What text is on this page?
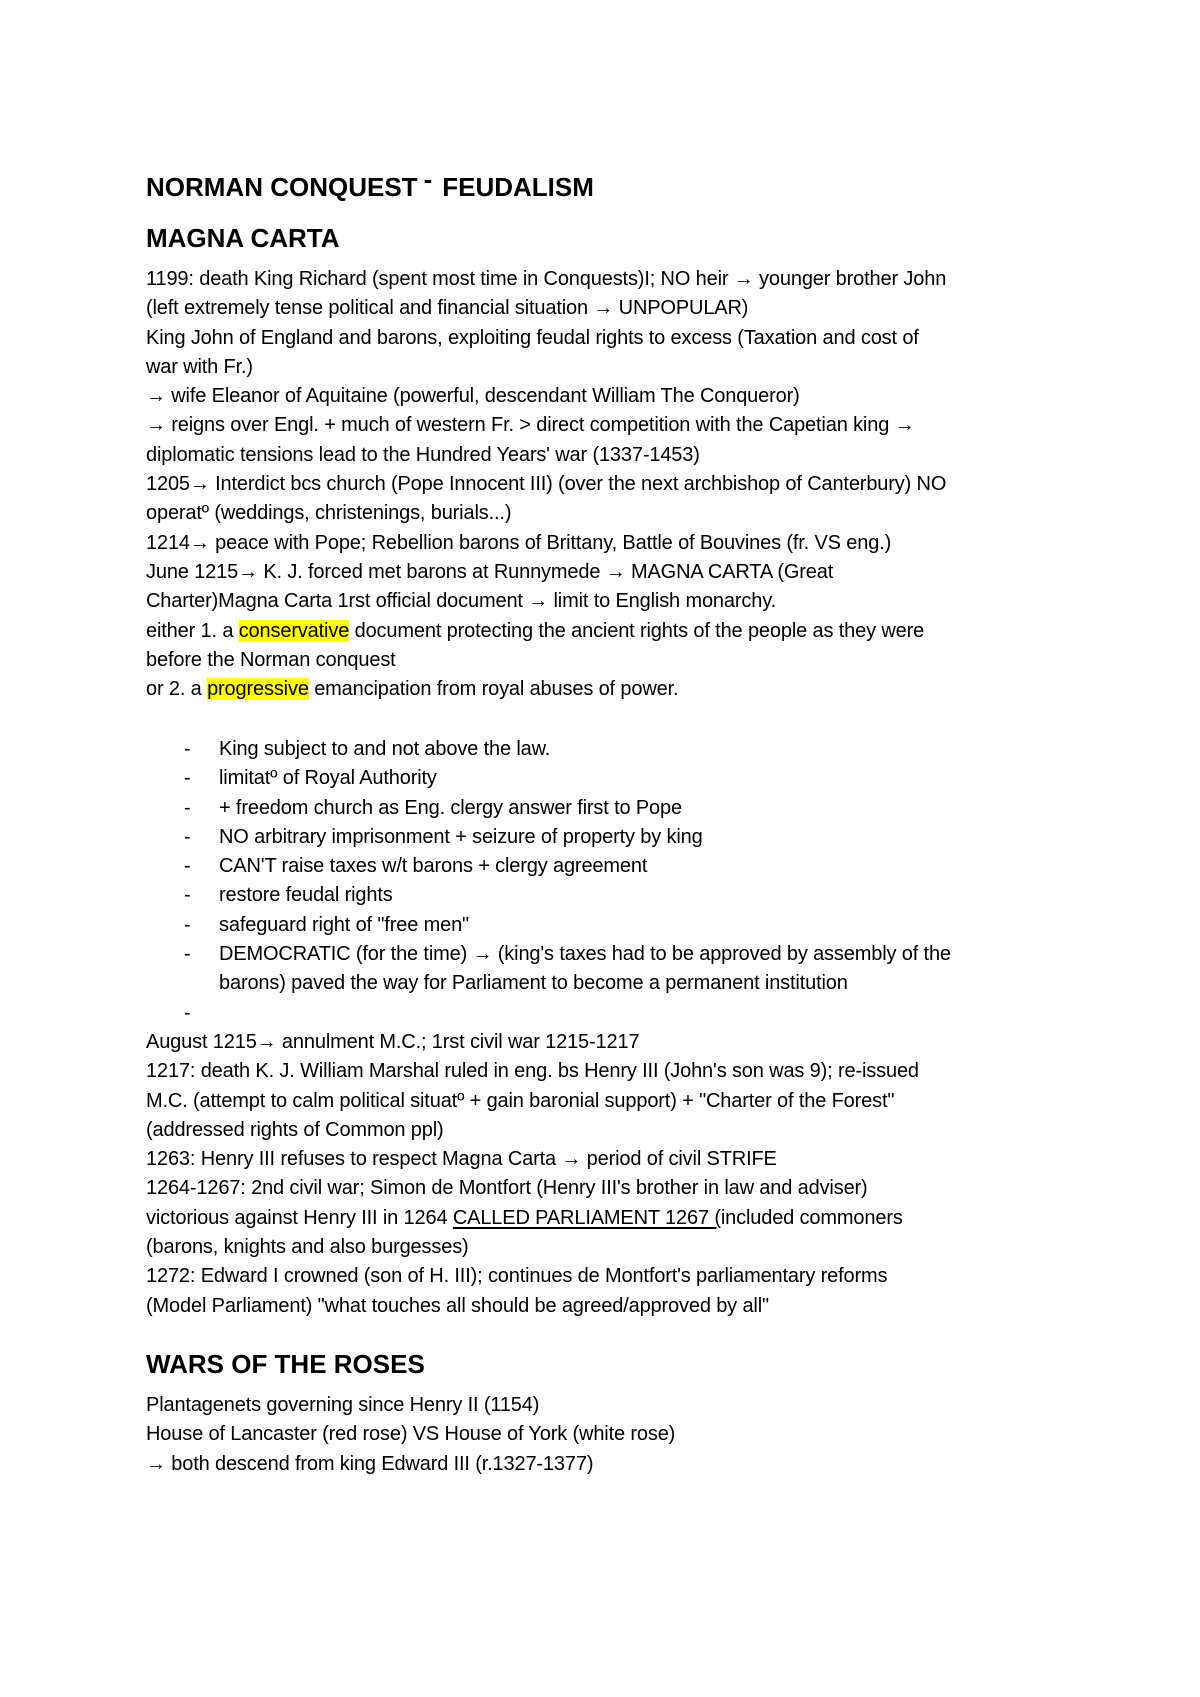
NORMAN CONQUEST - FEUDALISM
MAGNA CARTA
1199: death King Richard (spent most time in Conquests)I; NO heir → younger brother John
(left extremely tense political and financial situation → UNPOPULAR)
King John of England and barons, exploiting feudal rights to excess (Taxation and cost of
war with Fr.)
→ wife Eleanor of Aquitaine (powerful, descendant William The Conqueror)
→ reigns over Engl. + much of western Fr. > direct competition with the Capetian king →
diplomatic tensions lead to the Hundred Years' war (1337-1453)
1205→ Interdict bcs church (Pope Innocent III) (over the next archbishop of Canterbury) NO
operatº (weddings, christenings, burials...)
1214→ peace with Pope; Rebellion barons of Brittany, Battle of Bouvines (fr. VS eng.)
June 1215→ K. J. forced met barons at Runnymede → MAGNA CARTA (Great
Charter)Magna Carta 1rst official document → limit to English monarchy.
either 1. a conservative document protecting the ancient rights of the people as they were
before the Norman conquest
or 2. a progressive emancipation from royal abuses of power.
- King subject to and not above the law.
- limitatº of Royal Authority
- + freedom church as Eng. clergy answer first to Pope
- NO arbitrary imprisonment + seizure of property by king
- CAN'T raise taxes w/t barons + clergy agreement
- restore feudal rights
- safeguard right of "free men"
- DEMOCRATIC (for the time) → (king's taxes had to be approved by assembly of the
barons) paved the way for Parliament to become a permanent institution
-
August 1215→ annulment M.C.; 1rst civil war 1215-1217
1217: death K. J. William Marshal ruled in eng. bs Henry III (John's son was 9); re-issued
M.C. (attempt to calm political situatº + gain baronial support) + "Charter of the Forest"
(addressed rights of Common ppl)
1263: Henry III refuses to respect Magna Carta → period of civil STRIFE
1264-1267: 2nd civil war; Simon de Montfort (Henry III's brother in law and adviser)
victorious against Henry III in 1264 CALLED PARLIAMENT 1267 (included commoners
(barons, knights and also burgesses)
1272: Edward I crowned (son of H. III); continues de Montfort's parliamentary reforms
(Model Parliament) "what touches all should be agreed/approved by all"
WARS OF THE ROSES
Plantagenets governing since Henry II (1154)
House of Lancaster (red rose) VS House of York (white rose)
→ both descend from king Edward III (r.1327-1377)
